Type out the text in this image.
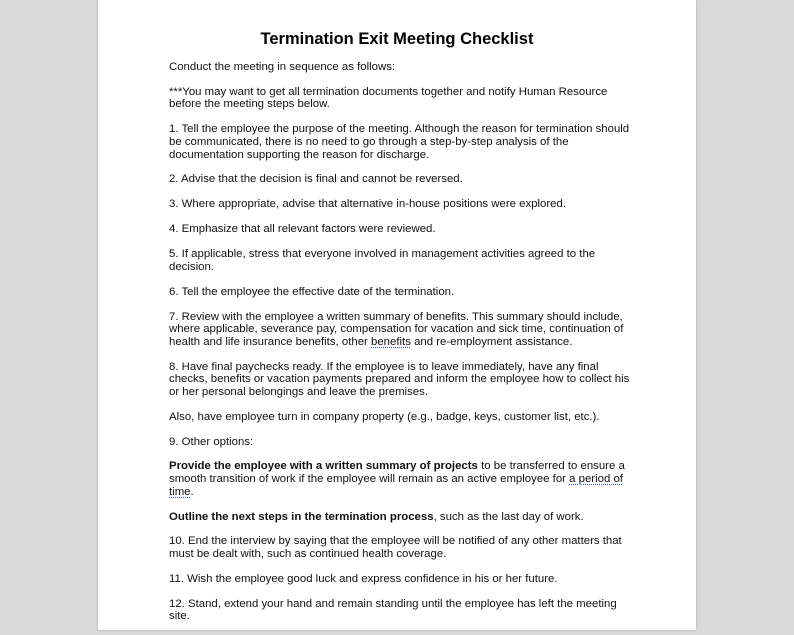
Termination Exit Meeting Checklist

Conduct the meeting in sequence as follows:

***You may want to get all termination documents together and notify Human Resource before the meeting steps below.

1. Tell the employee the purpose of the meeting. Although the reason for termination should be communicated, there is no need to go through a step-by-step analysis of the documentation supporting the reason for discharge.

2. Advise that the decision is final and cannot be reversed.

3. Where appropriate, advise that alternative in-house positions were explored.

4. Emphasize that all relevant factors were reviewed.

5. If applicable, stress that everyone involved in management activities agreed to the decision.

6. Tell the employee the effective date of the termination.

7. Review with the employee a written summary of benefits. This summary should include, where applicable, severance pay, compensation for vacation and sick time, continuation of health and life insurance benefits, other benefits and re-employment assistance.

8. Have final paychecks ready. If the employee is to leave immediately, have any final checks, benefits or vacation payments prepared and inform the employee how to collect his or her personal belongings and leave the premises.

Also, have employee turn in company property (e.g., badge, keys, customer list, etc.).

9. Other options:

Provide the employee with a written summary of projects to be transferred to ensure a smooth transition of work if the employee will remain as an active employee for a period of time.

Outline the next steps in the termination process, such as the last day of work.

10. End the interview by saying that the employee will be notified of any other matters that must be dealt with, such as continued health coverage.

11. Wish the employee good luck and express confidence in his or her future.

12. Stand, extend your hand and remain standing until the employee has left the meeting site.
